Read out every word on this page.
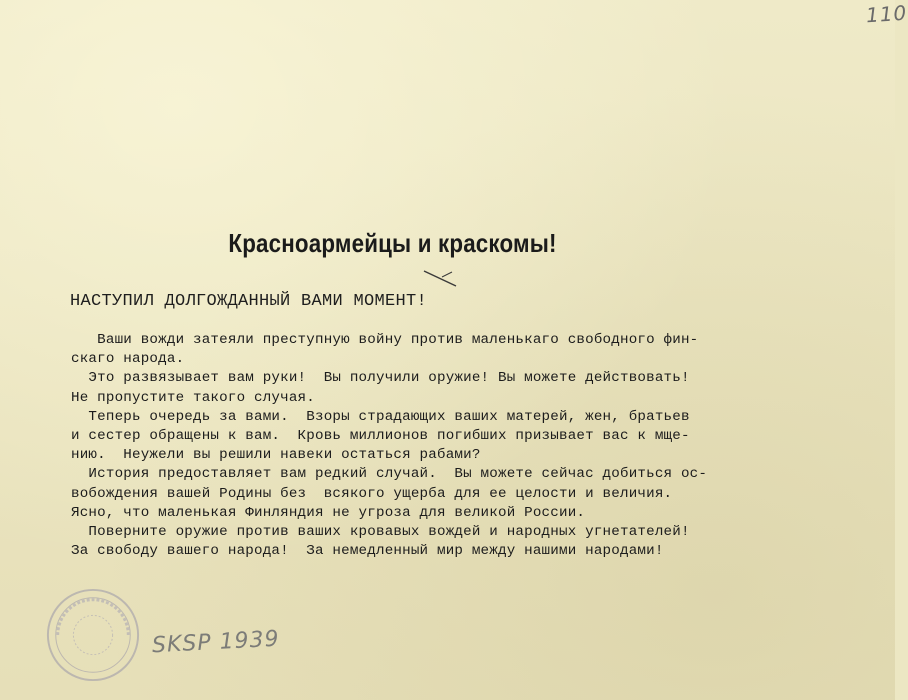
110
Красноармейцы и краскомы!
НАСТУПИЛ ДОЛГОЖДАННЫЙ ВАМИ МОМЕНТ!
Ваши вожди затеяли преступную войну против маленькаго свободного фин-
скаго народа.
Это развязывает вам руки!  Вы получили оружие! Вы можете действовать!
Не пропустите такого случая.
Теперь очередь за вами.  Взоры страдающих ваших матерей, жен, братьев
и сестер обращены к вам.  Кровь миллионов погибших призывает вас к мще-
нию.  Неужели вы решили навеки остаться рабами?
История предоставляет вам редкий случай.  Вы можете сейчас добиться ос-
вобождения вашей Родины без  всякого ущерба для ее целости и величия.
Ясно, что маленькая Финляндия не угроза для великой России.
Поверните оружие против ваших кровавых вождей и народных угнетателей!
За свободу вашего народа!  За немедленный мир между нашими народами!
SKSP 1939
